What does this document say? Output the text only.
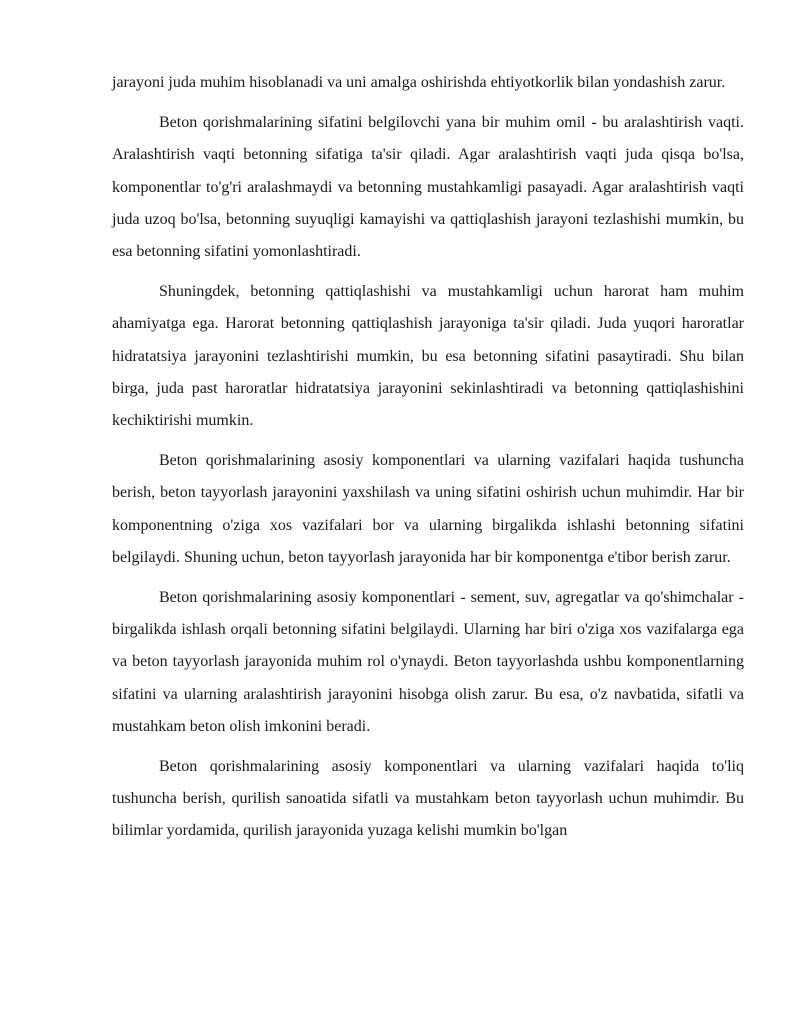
jarayoni juda muhim hisoblanadi va uni amalga oshirishda ehtiyotkorlik bilan yondashish zarur.

Beton qorishmalarining sifatini belgilovchi yana bir muhim omil - bu aralashtirish vaqti. Aralashtirish vaqti betonning sifatiga ta'sir qiladi. Agar aralashtirish vaqti juda qisqa bo'lsa, komponentlar to'g'ri aralashmaydi va betonning mustahkamligi pasayadi. Agar aralashtirish vaqti juda uzoq bo'lsa, betonning suyuqligi kamayishi va qattiqlashish jarayoni tezlashishi mumkin, bu esa betonning sifatini yomonlashtiradi.

Shuningdek, betonning qattiqlashishi va mustahkamligi uchun harorat ham muhim ahamiyatga ega. Harorat betonning qattiqlashish jarayoniga ta'sir qiladi. Juda yuqori haroratlar hidratatsiya jarayonini tezlashtirishi mumkin, bu esa betonning sifatini pasaytiradi. Shu bilan birga, juda past haroratlar hidratatsiya jarayonini sekinlashtiradi va betonning qattiqlashishini kechiktirishi mumkin.

Beton qorishmalarining asosiy komponentlari va ularning vazifalari haqida tushuncha berish, beton tayyorlash jarayonini yaxshilash va uning sifatini oshirish uchun muhimdir. Har bir komponentning o'ziga xos vazifalari bor va ularning birgalikda ishlashi betonning sifatini belgilaydi. Shuning uchun, beton tayyorlash jarayonida har bir komponentga e'tibor berish zarur.

Beton qorishmalarining asosiy komponentlari - sement, suv, agregatlar va qo'shimchalar - birgalikda ishlash orqali betonning sifatini belgilaydi. Ularning har biri o'ziga xos vazifalarga ega va beton tayyorlash jarayonida muhim rol o'ynaydi. Beton tayyorlashda ushbu komponentlarning sifatini va ularning aralashtirish jarayonini hisobga olish zarur. Bu esa, o'z navbatida, sifatli va mustahkam beton olish imkonini beradi.

Beton qorishmalarining asosiy komponentlari va ularning vazifalari haqida to'liq tushuncha berish, qurilish sanoatida sifatli va mustahkam beton tayyorlash uchun muhimdir. Bu bilimlar yordamida, qurilish jarayonida yuzaga kelishi mumkin bo'lgan
